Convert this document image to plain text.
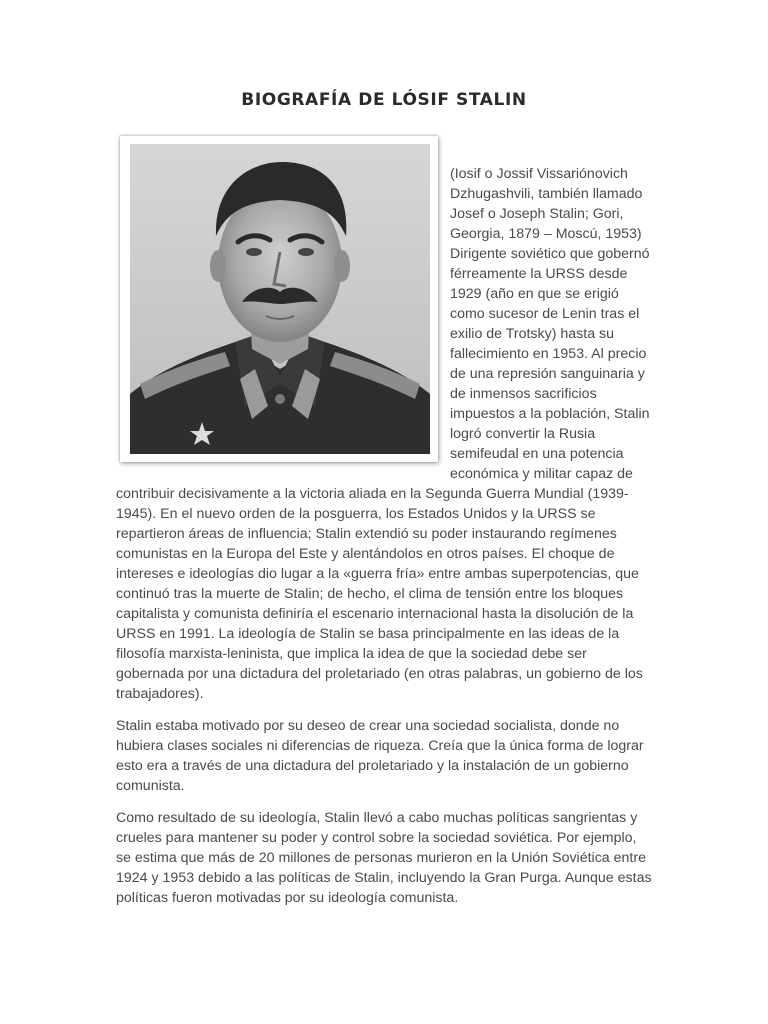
BIOGRAFÍA DE LÓSIF STALIN

(Iosif o Jossif Vissariónovich Dzhugashvili, también llamado Josef o Joseph Stalin; Gori, Georgia, 1879 – Moscú, 1953) Dirigente soviético que gobernó férreamente la URSS desde 1929 (año en que se erigió como sucesor de Lenin tras el exilio de Trotsky) hasta su fallecimiento en 1953. Al precio de una represión sanguinaria y de inmensos sacrificios impuestos a la población, Stalin logró convertir la Rusia semifeudal en una potencia económica y militar capaz de contribuir decisivamente a la victoria aliada en la Segunda Guerra Mundial (1939-1945). En el nuevo orden de la posguerra, los Estados Unidos y la URSS se repartieron áreas de influencia; Stalin extendió su poder instaurando regímenes comunistas en la Europa del Este y alentándolos en otros países. El choque de intereses e ideologías dio lugar a la «guerra fría» entre ambas superpotencias, que continuó tras la muerte de Stalin; de hecho, el clima de tensión entre los bloques capitalista y comunista definiría el escenario internacional hasta la disolución de la URSS en 1991. La ideología de Stalin se basa principalmente en las ideas de la filosofía marxista-leninista, que implica la idea de que la sociedad debe ser gobernada por una dictadura del proletariado (en otras palabras, un gobierno de los trabajadores).

Stalin estaba motivado por su deseo de crear una sociedad socialista, donde no hubiera clases sociales ni diferencias de riqueza. Creía que la única forma de lograr esto era a través de una dictadura del proletariado y la instalación de un gobierno comunista.

Como resultado de su ideología, Stalin llevó a cabo muchas políticas sangrientas y crueles para mantener su poder y control sobre la sociedad soviética. Por ejemplo, se estima que más de 20 millones de personas murieron en la Unión Soviética entre 1924 y 1953 debido a las políticas de Stalin, incluyendo la Gran Purga. Aunque estas políticas fueron motivadas por su ideología comunista.
